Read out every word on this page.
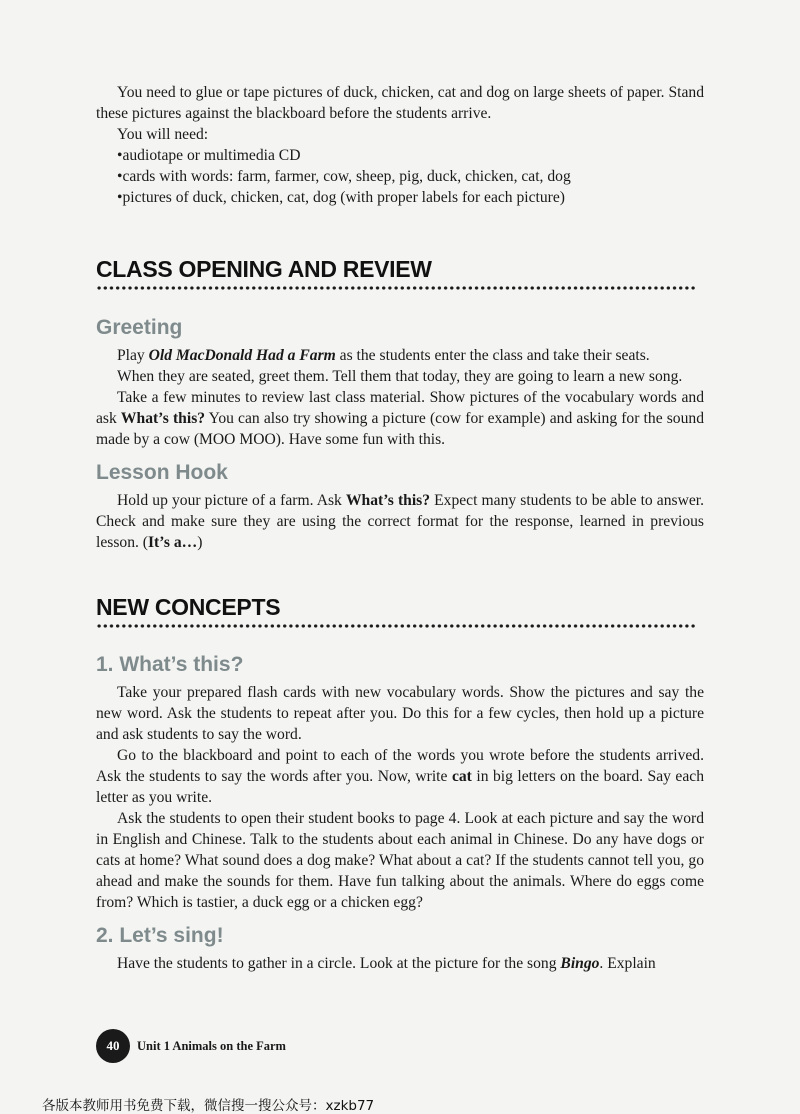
You need to glue or tape pictures of duck, chicken, cat and dog on large sheets of paper. Stand these pictures against the blackboard before the students arrive.

You will need:

• audiotape or multimedia CD
• cards with words: farm, farmer, cow, sheep, pig, duck, chicken, cat, dog
• pictures of duck, chicken, cat, dog (with proper labels for each picture)
CLASS OPENING AND REVIEW
Greeting

Play Old MacDonald Had a Farm as the students enter the class and take their seats.

When they are seated, greet them. Tell them that today, they are going to learn a new song.

Take a few minutes to review last class material. Show pictures of the vocabulary words and ask What’s this? You can also try showing a picture (cow for example) and asking for the sound made by a cow (MOO MOO). Have some fun with this.

Lesson Hook

Hold up your picture of a farm. Ask What’s this? Expect many students to be able to answer. Check and make sure they are using the correct format for the response, learned in previous lesson. (It’s a…)

NEW CONCEPTS
1. What’s this?

Take your prepared flash cards with new vocabulary words. Show the pictures and say the new word. Ask the students to repeat after you. Do this for a few cycles, then hold up a picture and ask students to say the word.

Go to the blackboard and point to each of the words you wrote before the students arrived. Ask the students to say the words after you. Now, write cat in big letters on the board. Say each letter as you write.

Ask the students to open their student books to page 4. Look at each picture and say the word in English and Chinese. Talk to the students about each animal in Chinese. Do any have dogs or cats at home? What sound does a dog make? What about a cat? If the students cannot tell you, go ahead and make the sounds for them. Have fun talking about the animals. Where do eggs come from? Which is tastier, a duck egg or a chicken egg?

2. Let’s sing!

Have the students to gather in a circle. Look at the picture for the song Bingo. Explain

40	Unit 1 Animals on the Farm
各版本教师用书免费下载，微信搜一搜公众号：xzkb77
